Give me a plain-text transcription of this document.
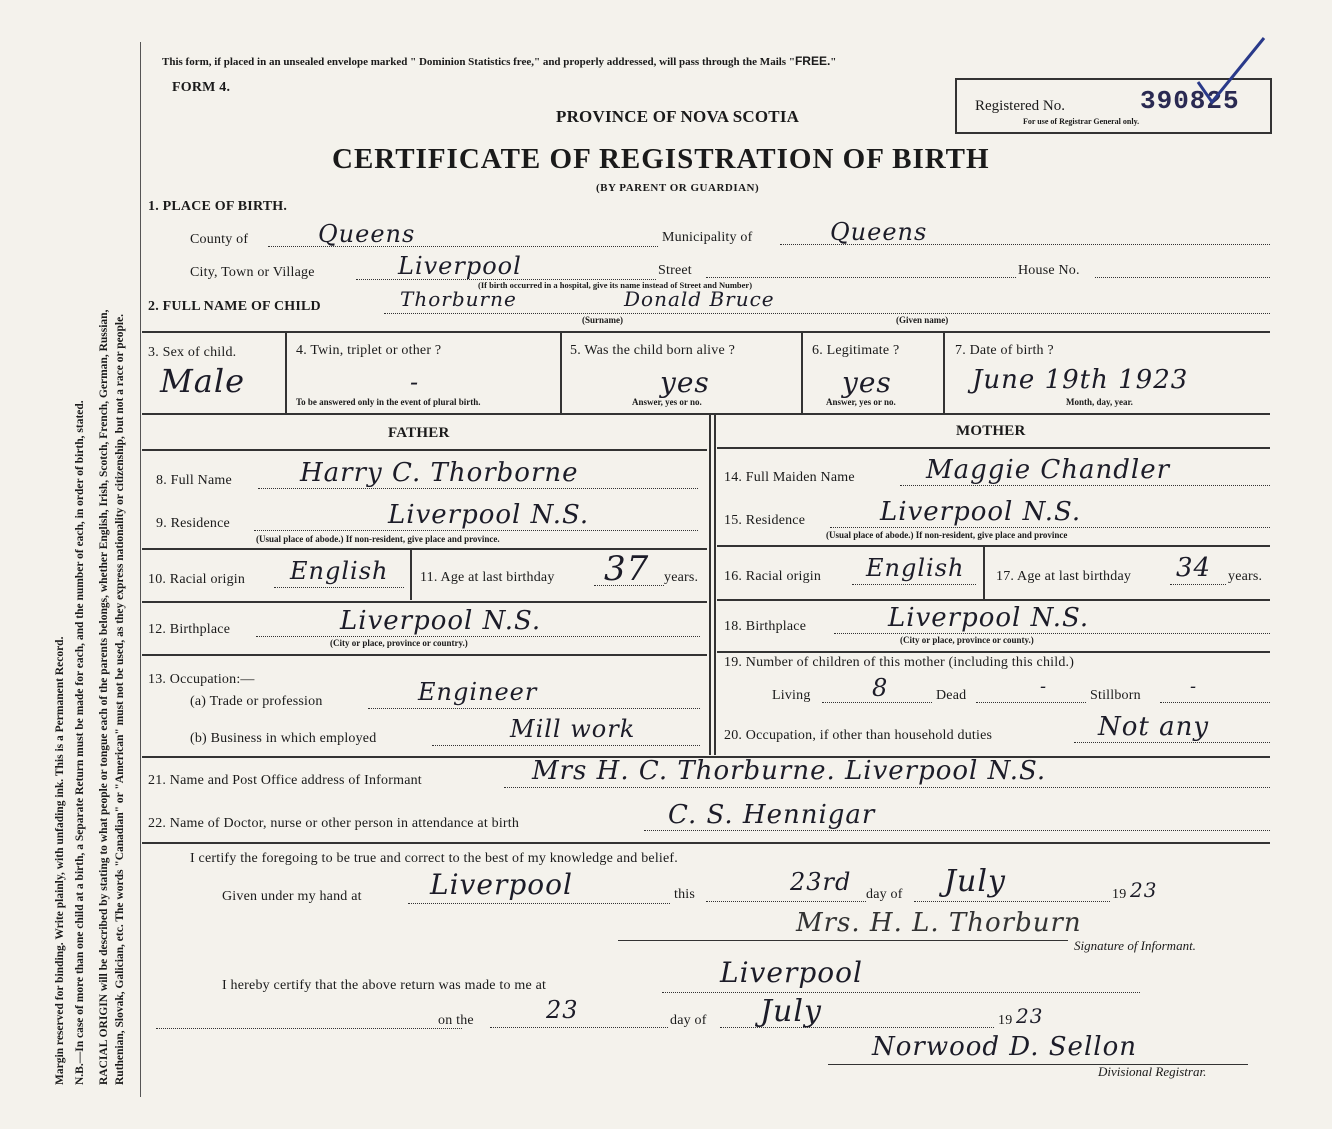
Margin reserved for binding. Write plainly, with unfading ink. This is a Permanent Record. N.B.—In case of more than one child at a birth, a Separate Return must be made for each, and the number of each, in order of birth, stated. RACIAL ORIGIN will be described by stating to what people or tongue each of the parents belongs, whether English, Irish, Scotch, French, German, Russian, Ruthenian, Slovak, Galician, etc. The words "Canadian" or "American" must not be used, as they express nationality or citizenship, but not a race or people.
This form, if placed in an unsealed envelope marked " Dominion Statistics free," and properly addressed, will pass through the Mails "FREE."
FORM 4.
PROVINCE OF NOVA SCOTIA
CERTIFICATE OF REGISTRATION OF BIRTH
(BY PARENT OR GUARDIAN)
Registered No.	390825
For use of Registrar General only.
1. PLACE OF BIRTH.
County of	Queens	Municipality of	Queens
City, Town or Village	Liverpool	Street
(If birth occurred in a hospital, give its name instead of Street and Number)
House No.
2. FULL NAME OF CHILD	Thorburne	Donald Bruce
(Surname)	(Given name)
3. Sex of child.
Male
4. Twin, triplet or other ?
-
To be answered only in the event of plural birth.
5. Was the child born alive ?
yes
Answer, yes or no.
6. Legitimate ?
yes
Answer, yes or no.
7. Date of birth ?
June 19th 1923
Month, day, year.
FATHER	MOTHER
8. Full Name	Harry C. Thorborne
9. Residence	Liverpool N.S.
(Usual place of abode.) If non-resident, give place and province.
10. Racial origin English 11. Age at last birthday 37 years.
12. Birthplace	Liverpool N.S.
(City or place, province or country.)
13. Occupation:—
(a) Trade or profession	Engineer
(b) Business in which employed	Mill work
14. Full Maiden Name	Maggie Chandler
15. Residence	Liverpool N.S.
(Usual place of abode.) If non-resident, give place and province
16. Racial origin English 17. Age at last birthday 34 years.
18. Birthplace	Liverpool N.S.
(City or place, province or county.)
19. Number of children of this mother (including this child.)
Living	8	Dead	-	Stillborn	-
20. Occupation, if other than household duties	Not any
21. Name and Post Office address of Informant	Mrs H. C. Thorburne. Liverpool N.S.
22. Name of Doctor, nurse or other person in attendance at birth	C. S. Hennigar
I certify the foregoing to be true and correct to the best of my knowledge and belief.
Given under my hand at Liverpool	this	23rd day of July	19 23
Mrs. H. L. Thorburn
Signature of Informant.
I hereby certify that the above return was made to me at	Liverpool
on the	23	day of July	19 23
Norwood D. Sellon
Divisional Registrar.
